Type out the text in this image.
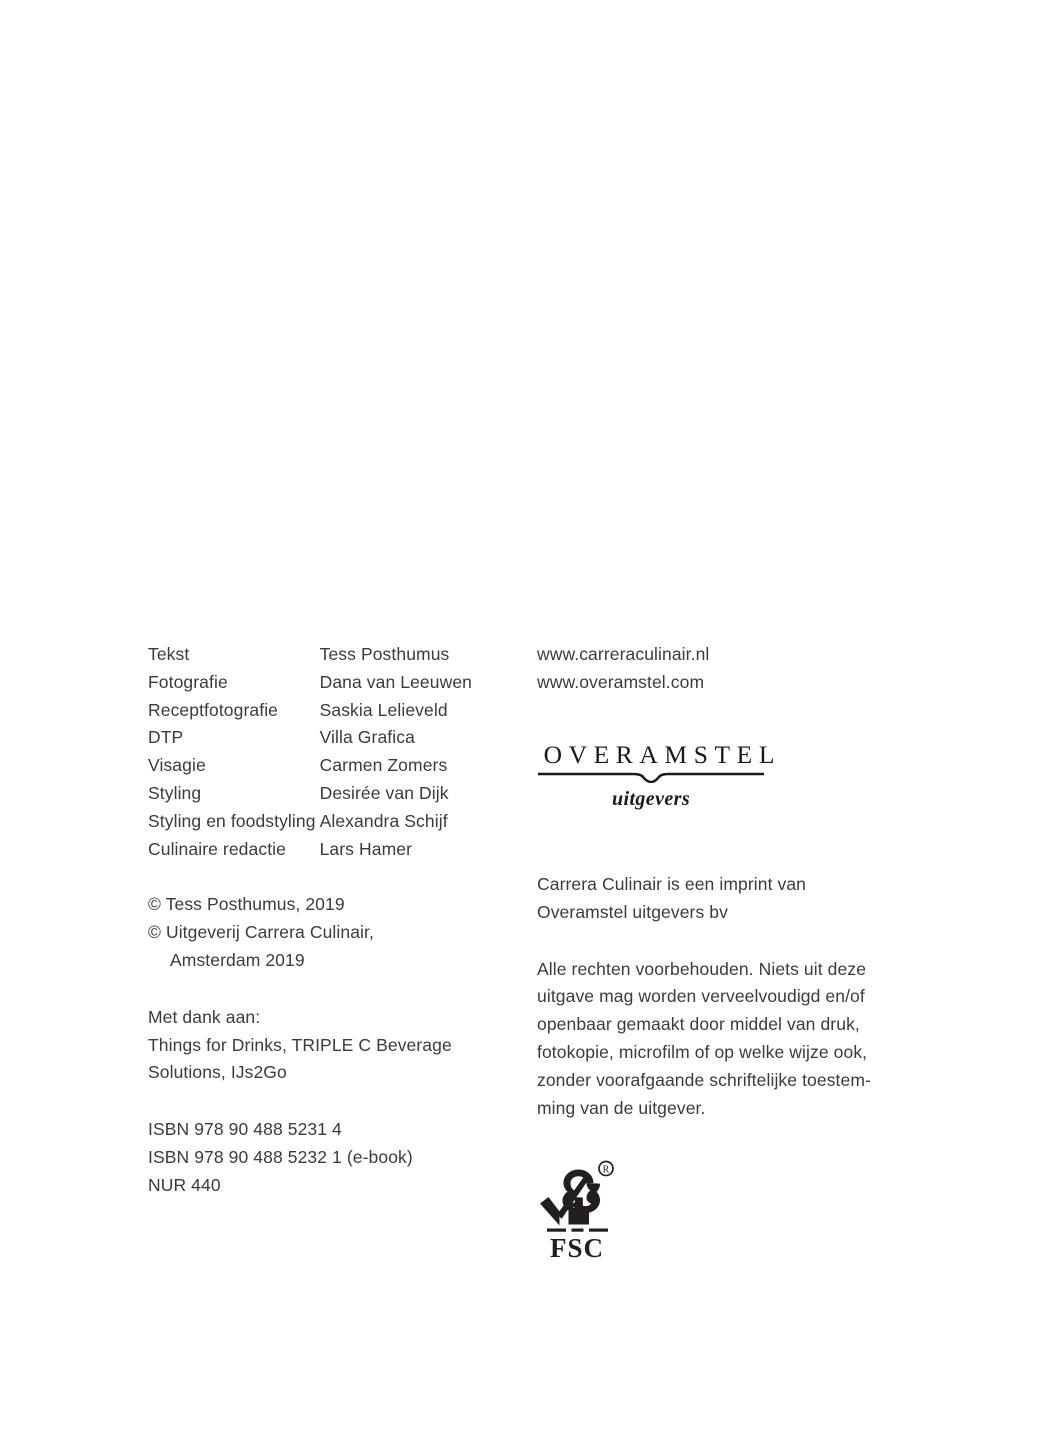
Tekst	Tess Posthumus
Fotografie	Dana van Leeuwen
Receptfotografie	Saskia Lelieveld
DTP	Villa Grafica
Visagie	Carmen Zomers
Styling	Desirée van Dijk
Styling en foodstyling	Alexandra Schijf
Culinaire redactie	Lars Hamer

© Tess Posthumus, 2019

© Uitgeverij Carrera Culinair,

Amsterdam 2019

Met dank aan:

Things for Drinks, TRIPLE C Beverage

Solutions, IJs2Go

ISBN 978 90 488 5231 4

ISBN 978 90 488 5232 1 (e-book)

NUR 440

www.carreraculinair.nl

www.overamstel.com

OVERAMSTEL
uitgevers

Carrera Culinair is een imprint van

Overamstel uitgevers bv

Alle rechten voorbehouden. Niets uit deze

uitgave mag worden verveelvoudigd en/of

openbaar gemaakt door middel van druk,

fotokopie, microfilm of op welke wijze ook,

zonder voorafgaande schriftelijke toestem-

ming van de uitgever.

R
FSC
